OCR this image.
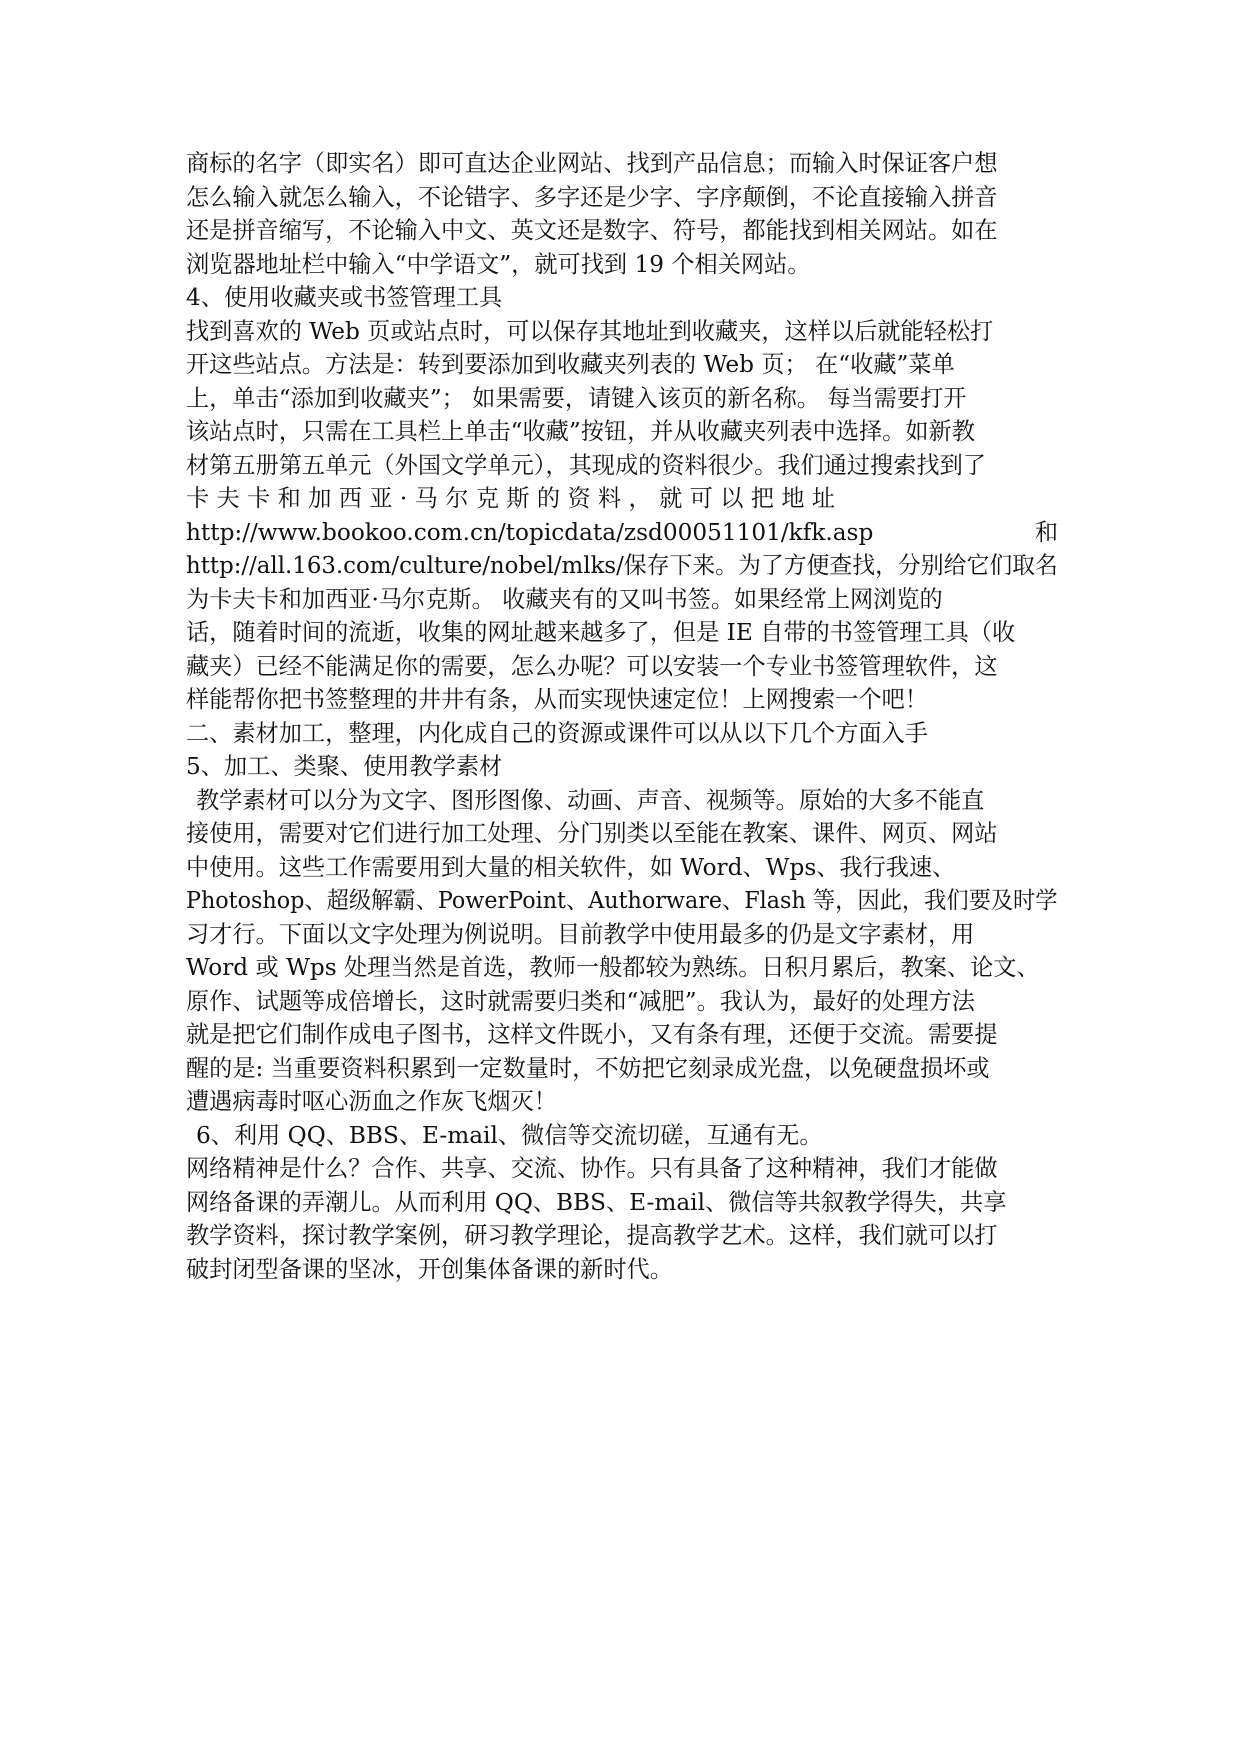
商标的名字（即实名）即可直达企业网站、找到产品信息；而输入时保证客户想
怎么输入就怎么输入，不论错字、多字还是少字、字序颠倒，不论直接输入拼音
还是拼音缩写，不论输入中文、英文还是数字、符号，都能找到相关网站。如在
浏览器地址栏中输入“中学语文”，就可找到 19 个相关网站。
4、使用收藏夹或书签管理工具
找到喜欢的 Web 页或站点时，可以保存其地址到收藏夹，这样以后就能轻松打
开这些站点。方法是：转到要添加到收藏夹列表的 Web 页； 在“收藏”菜单
上，单击“添加到收藏夹”； 如果需要，请键入该页的新名称。 每当需要打开
该站点时，只需在工具栏上单击“收藏”按钮，并从收藏夹列表中选择。如新教
材第五册第五单元（外国文学单元），其现成的资料很少。我们通过搜索找到了
卡 夫 卡 和 加 西 亚 · 马 尔 克 斯 的 资 料 ， 就 可 以 把 地 址
http://www.bookoo.com.cn/topicdata/zsd00051101/kfk.asp	和
http://all.163.com/culture/nobel/mlks/保存下来。为了方便查找，分别给它们取名
为卡夫卡和加西亚·马尔克斯。 收藏夹有的又叫书签。如果经常上网浏览的
话，随着时间的流逝，收集的网址越来越多了，但是 IE 自带的书签管理工具（收
藏夹）已经不能满足你的需要，怎么办呢？可以安装一个专业书签管理软件，这
样能帮你把书签整理的井井有条，从而实现快速定位！上网搜索一个吧！
二、素材加工，整理，内化成自己的资源或课件可以从以下几个方面入手
5、加工、类聚、使用教学素材
教学素材可以分为文字、图形图像、动画、声音、视频等。原始的大多不能直
接使用，需要对它们进行加工处理、分门别类以至能在教案、课件、网页、网站
中使用。这些工作需要用到大量的相关软件，如 Word、Wps、我行我速、
Photoshop、超级解霸、PowerPoint、Authorware、Flash 等，因此，我们要及时学
习才行。下面以文字处理为例说明。目前教学中使用最多的仍是文字素材，用
Word 或 Wps 处理当然是首选，教师一般都较为熟练。日积月累后，教案、论文、
原作、试题等成倍增长，这时就需要归类和“减肥”。我认为，最好的处理方法
就是把它们制作成电子图书，这样文件既小，又有条有理，还便于交流。需要提
醒的是: 当重要资料积累到一定数量时，不妨把它刻录成光盘，以免硬盘损坏或
遭遇病毒时呕心沥血之作灰飞烟灭！
6、利用 QQ、BBS、E-mail、微信等交流切磋，互通有无。
网络精神是什么？合作、共享、交流、协作。只有具备了这种精神，我们才能做
网络备课的弄潮儿。从而利用 QQ、BBS、E-mail、微信等共叙教学得失，共享
教学资料，探讨教学案例，研习教学理论，提高教学艺术。这样，我们就可以打
破封闭型备课的坚冰，开创集体备课的新时代。
